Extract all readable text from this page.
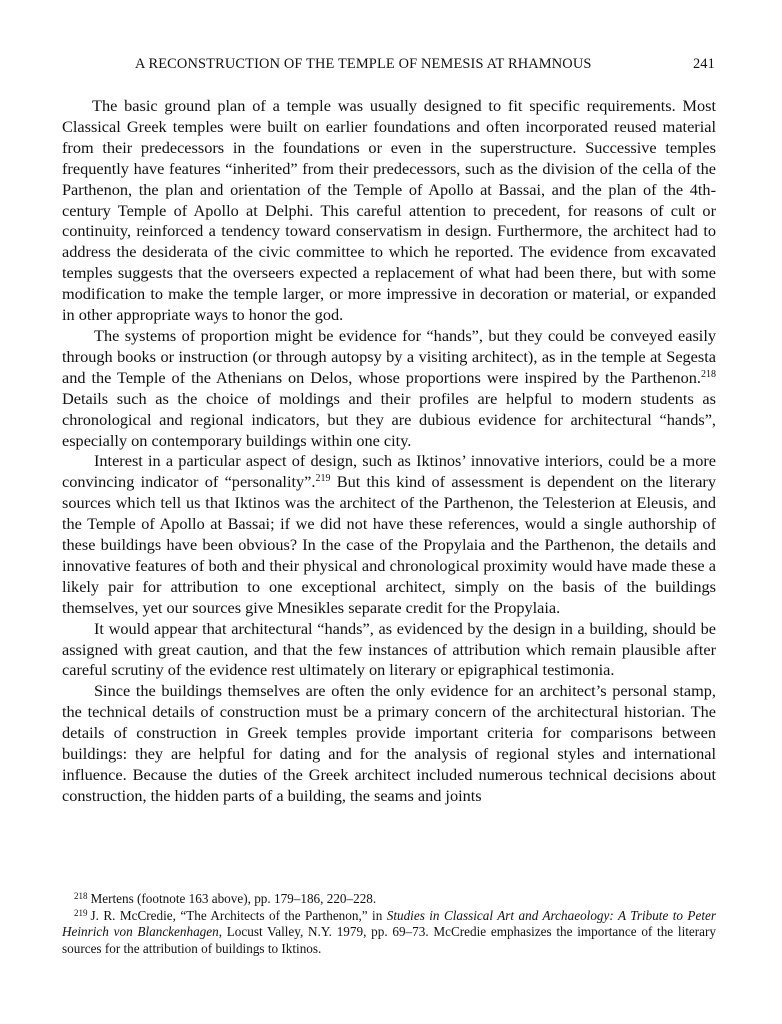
A RECONSTRUCTION OF THE TEMPLE OF NEMESIS AT RHAMNOUS	241

The basic ground plan of a temple was usually designed to fit specific requirements. Most Classical Greek temples were built on earlier foundations and often incorporated reused material from their predecessors in the foundations or even in the superstructure. Successive temples frequently have features “inherited” from their predecessors, such as the division of the cella of the Parthenon, the plan and orientation of the Temple of Apollo at Bassai, and the plan of the 4th-century Temple of Apollo at Delphi. This careful attention to precedent, for reasons of cult or continuity, reinforced a tendency toward conservatism in design. Furthermore, the architect had to address the desiderata of the civic committee to which he reported. The evidence from excavated temples suggests that the overseers expected a replacement of what had been there, but with some modification to make the temple larger, or more impressive in decoration or material, or expanded in other appropriate ways to honor the god.

The systems of proportion might be evidence for “hands”, but they could be conveyed easily through books or instruction (or through autopsy by a visiting architect), as in the temple at Segesta and the Temple of the Athenians on Delos, whose proportions were inspired by the Parthenon.$^{218}$ Details such as the choice of moldings and their profiles are helpful to modern students as chronological and regional indicators, but they are dubious evidence for architectural “hands”, especially on contemporary buildings within one city.

Interest in a particular aspect of design, such as Iktinos’ innovative interiors, could be a more convincing indicator of “personality”.$^{219}$ But this kind of assessment is dependent on the literary sources which tell us that Iktinos was the architect of the Parthenon, the Telesterion at Eleusis, and the Temple of Apollo at Bassai; if we did not have these references, would a single authorship of these buildings have been obvious? In the case of the Propylaia and the Parthenon, the details and innovative features of both and their physical and chronological proximity would have made these a likely pair for attribution to one exceptional architect, simply on the basis of the buildings themselves, yet our sources give Mnesikles separate credit for the Propylaia.

It would appear that architectural “hands”, as evidenced by the design in a building, should be assigned with great caution, and that the few instances of attribution which remain plausible after careful scrutiny of the evidence rest ultimately on literary or epigraphical testimonia.

Since the buildings themselves are often the only evidence for an architect’s personal stamp, the technical details of construction must be a primary concern of the architectural historian. The details of construction in Greek temples provide important criteria for comparisons between buildings: they are helpful for dating and for the analysis of regional styles and international influence. Because the duties of the Greek architect included numerous technical decisions about construction, the hidden parts of a building, the seams and joints

$^{218}$ Mertens (footnote 163 above), pp. 179–186, 220–228.

$^{219}$ J. R. McCredie, “The Architects of the Parthenon,” in Studies in Classical Art and Archaeology: A Tribute to Peter Heinrich von Blanckenhagen, Locust Valley, N.Y. 1979, pp. 69–73. McCredie emphasizes the importance of the literary sources for the attribution of buildings to Iktinos.
